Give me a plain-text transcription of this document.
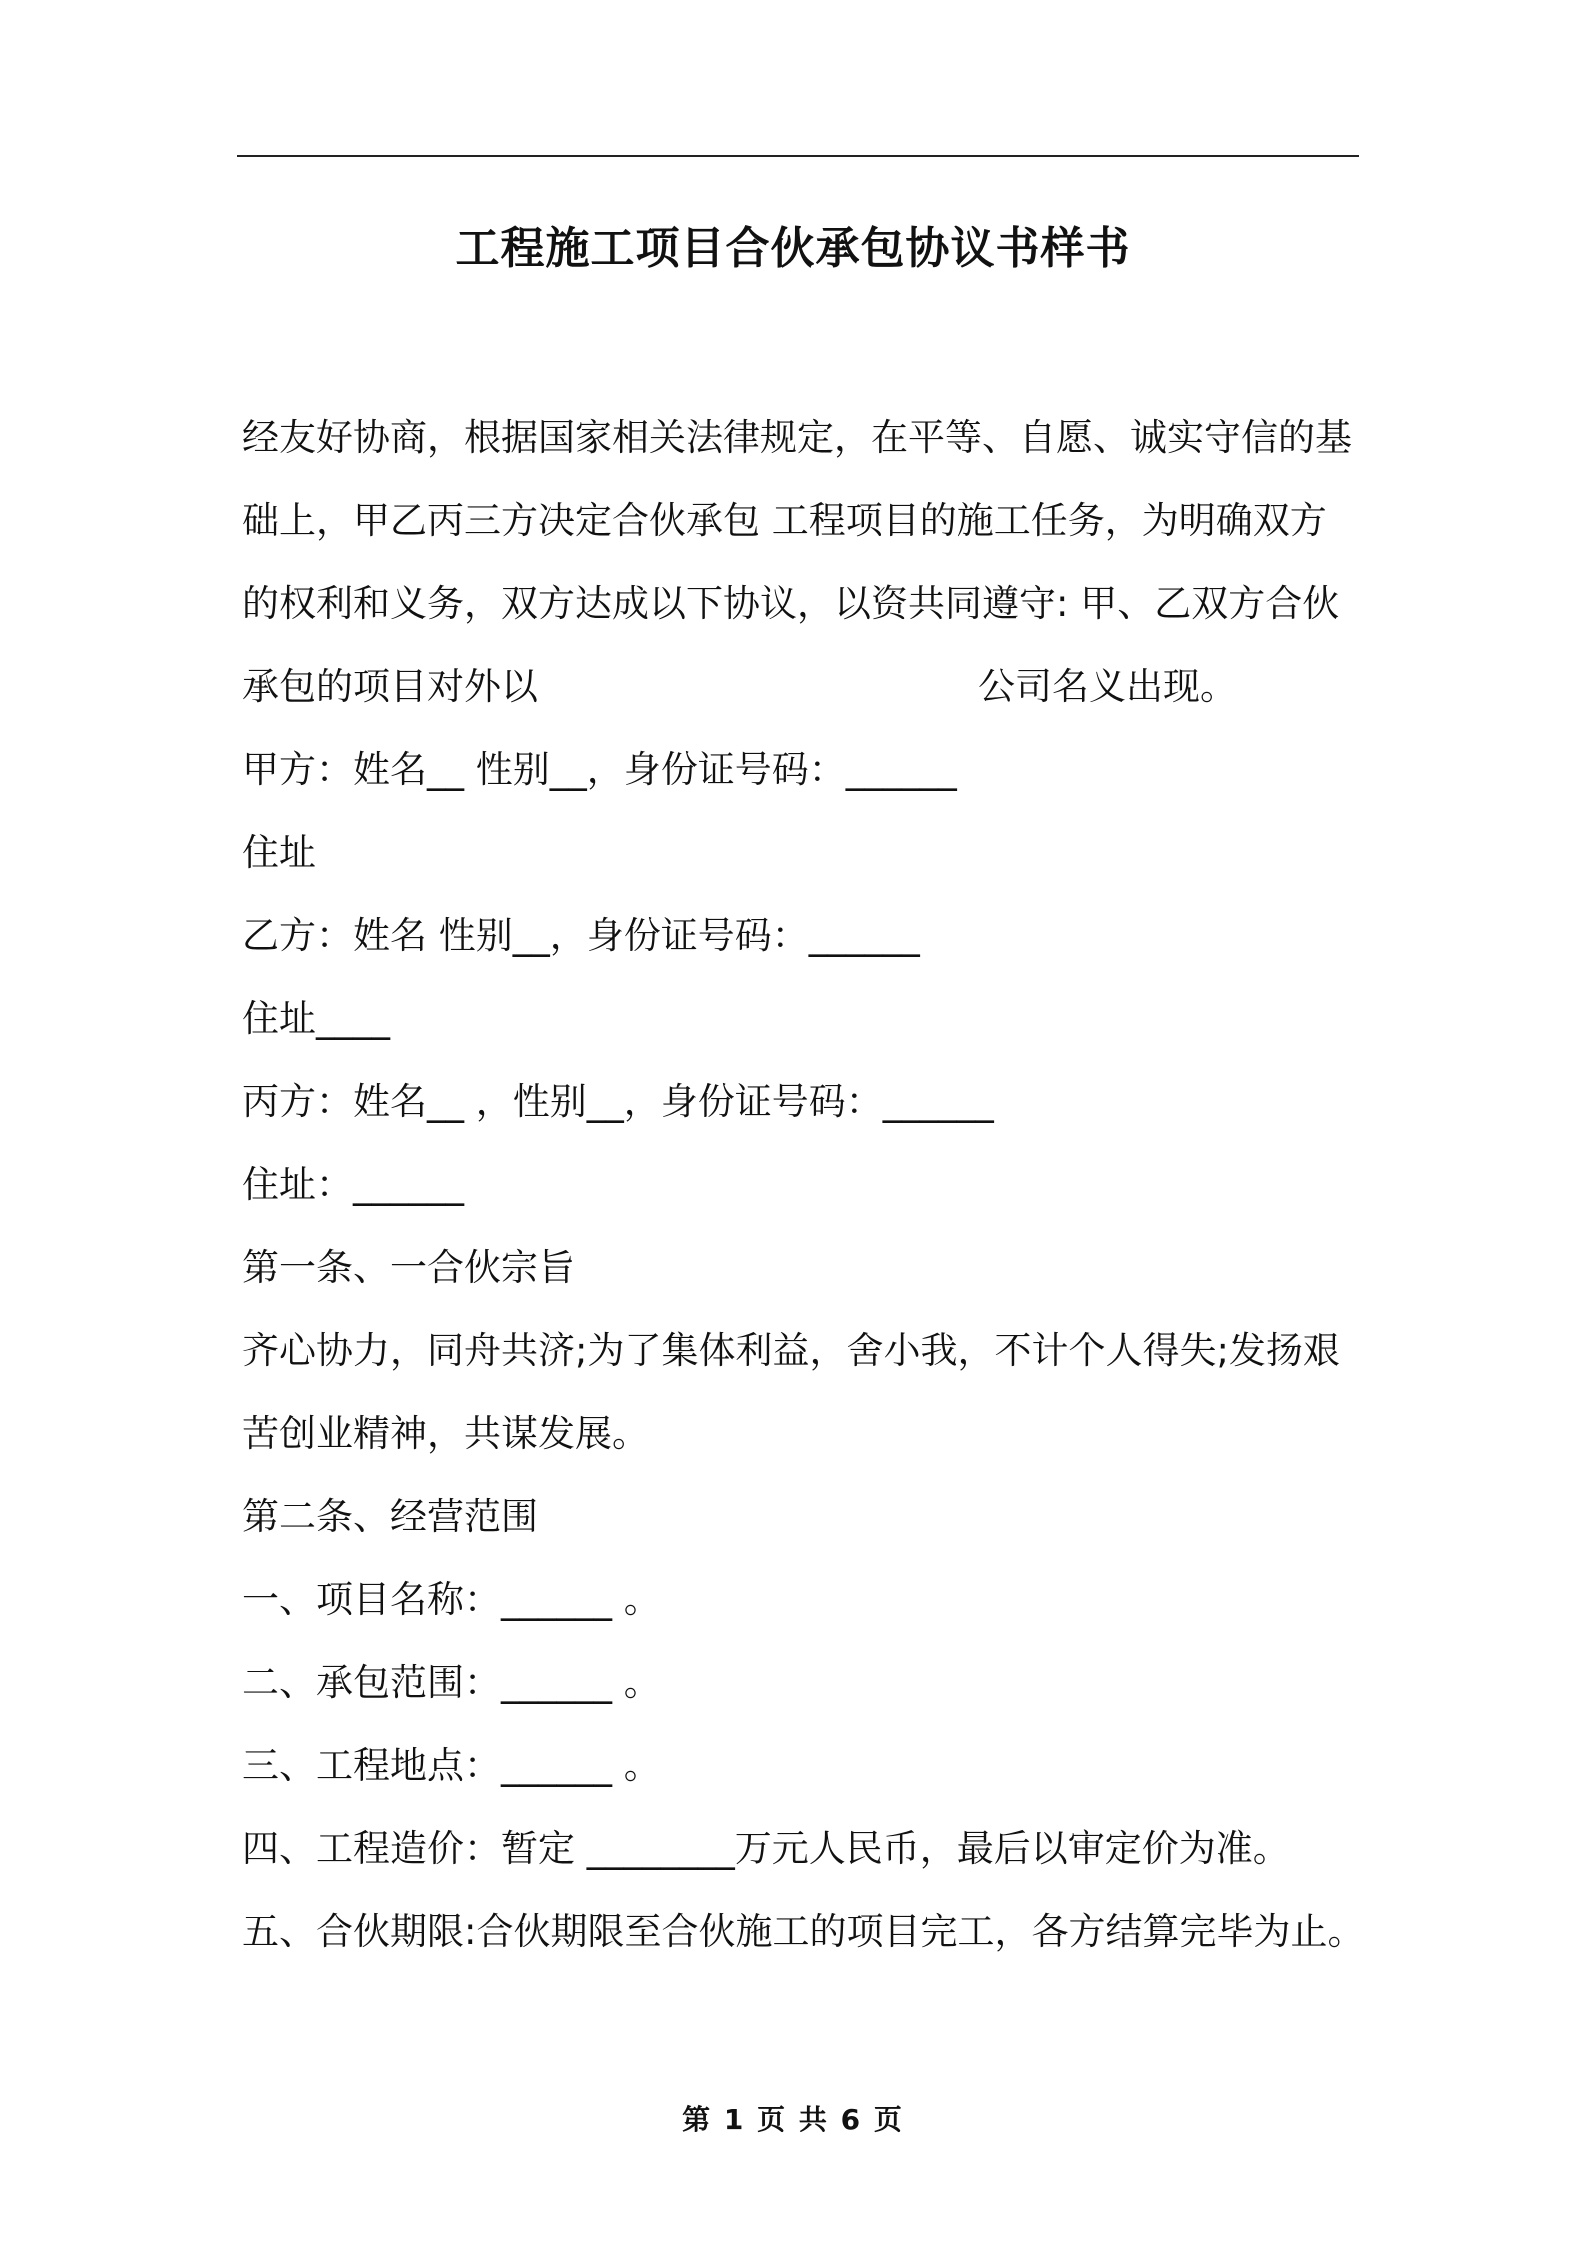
工程施工项目合伙承包协议书样书
经友好协商，根据国家相关法律规定，在平等、自愿、诚实守信的基
础上，甲乙丙三方决定合伙承包 工程项目的施工任务，为明确双方
的权利和义务，双方达成以下协议，以资共同遵守: 甲、乙双方合伙
承包的项目对外以	公司名义出现。
甲方：姓名__ 性别__，身份证号码：______
住址
乙方：姓名 性别__，身份证号码：______
住址____
丙方：姓名__ ，性别__，身份证号码：______
住址：______
第一条、一合伙宗旨
齐心协力，同舟共济;为了集体利益，舍小我，不计个人得失;发扬艰
苦创业精神，共谋发展。
第二条、经营范围
一、项目名称：______ 。
二、承包范围：______ 。
三、工程地点：______ 。
四、工程造价：暂定 ________万元人民币，最后以审定价为准。
五、合伙期限:合伙期限至合伙施工的项目完工，各方结算完毕为止。
第 1 页 共 6 页
